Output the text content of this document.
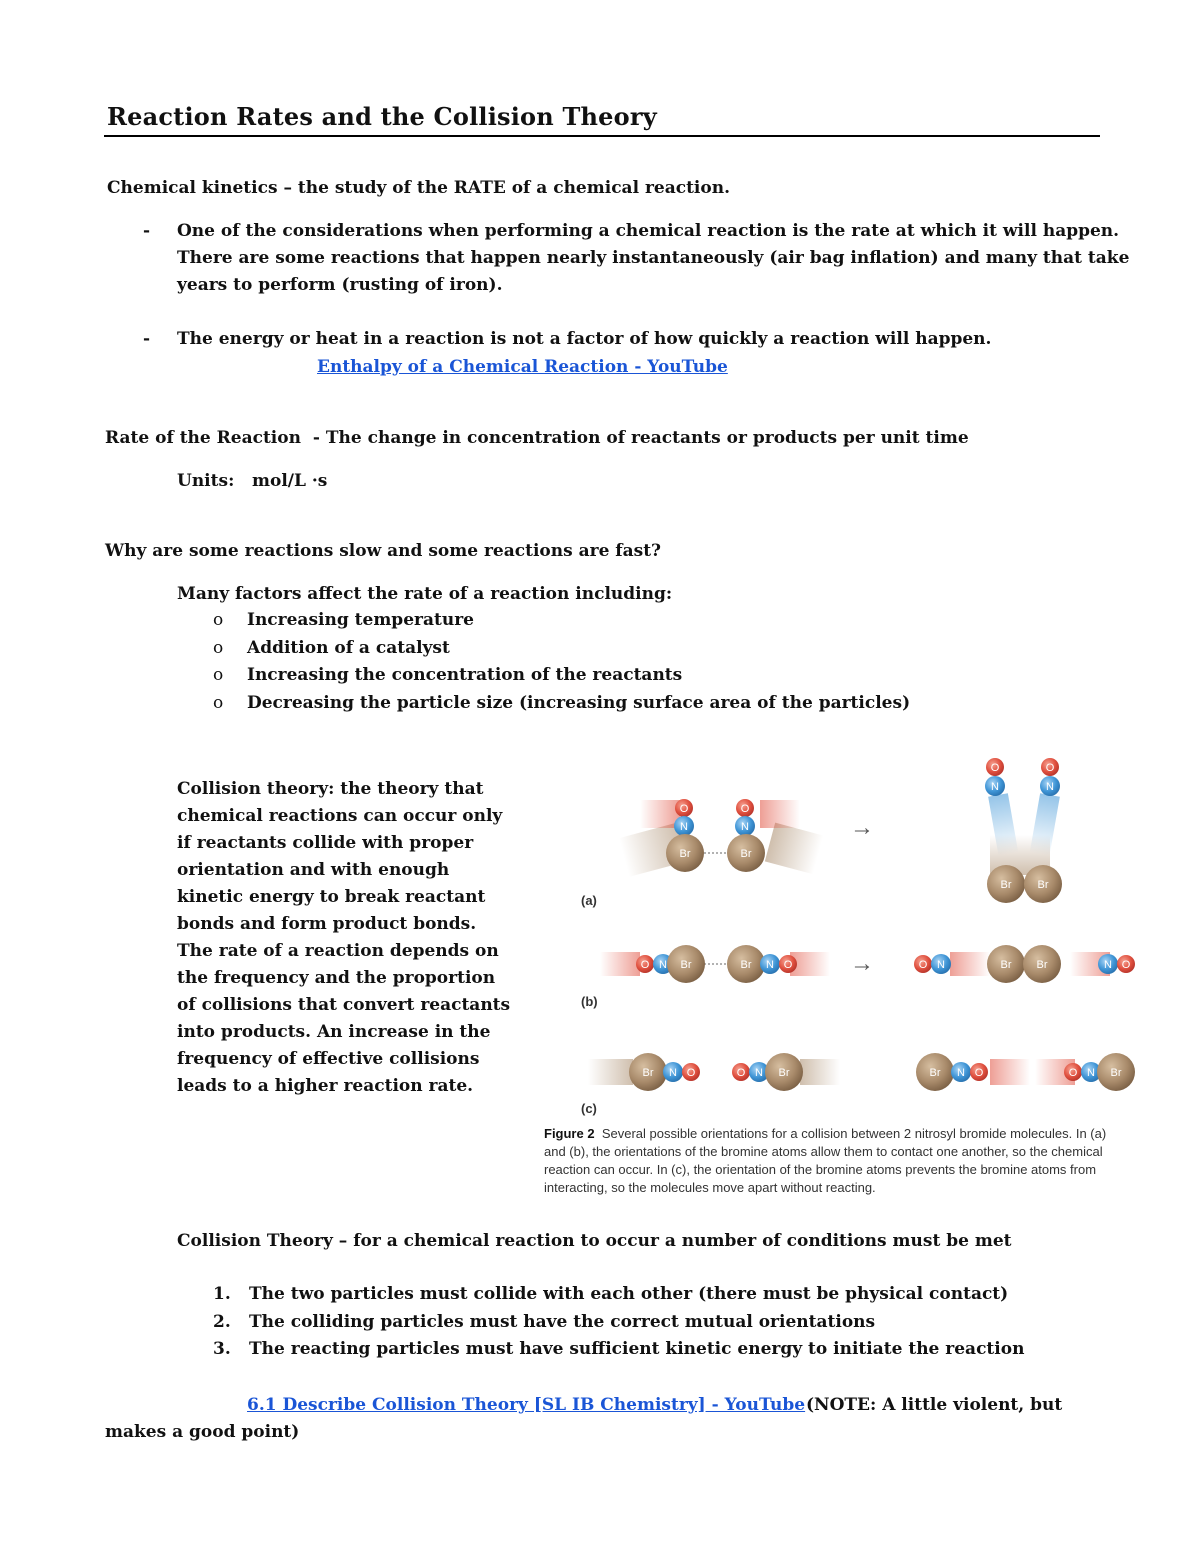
Reaction Rates and the Collision Theory
Chemical kinetics – the study of the RATE of a chemical reaction.
- One of the considerations when performing a chemical reaction is the rate at which it will happen.
There are some reactions that happen nearly instantaneously (air bag inflation) and many that take
years to perform (rusting of iron).
- The energy or heat in a reaction is not a factor of how quickly a reaction will happen.
Enthalpy of a Chemical Reaction - YouTube
Rate of the Reaction - The change in concentration of reactants or products per unit time
Units: mol/L ·s
Why are some reactions slow and some reactions are fast?
Many factors affect the rate of a reaction including:
o Increasing temperature
o Addition of a catalyst
o Increasing the concentration of the reactants
o Decreasing the particle size (increasing surface area of the particles)
Collision theory: the theory that
chemical reactions can occur only
if reactants collide with proper
orientation and with enough
kinetic energy to break reactant
bonds and form product bonds.
The rate of a reaction depends on
the frequency and the proportion
of collisions that convert reactants
into products. An increase in the
frequency of effective collisions
leads to a higher reaction rate.
O
N
Br
O
N
Br
→
O
N
O
N
Br Br
(a)
O N Br	Br N O →	O N	Br Br	N O
(b)
Br N O	O N Br	Br N O	O N Br
(c)
Figure 2 Several possible orientations for a collision between 2 nitrosyl bromide molecules. In (a)
and (b), the orientations of the bromine atoms allow them to contact one another, so the chemical
reaction can occur. In (c), the orientation of the bromine atoms prevents the bromine atoms from
interacting, so the molecules move apart without reacting.
Collision Theory – for a chemical reaction to occur a number of conditions must be met
1. The two particles must collide with each other (there must be physical contact)
2. The colliding particles must have the correct mutual orientations
3. The reacting particles must have sufficient kinetic energy to initiate the reaction
6.1 Describe Collision Theory [SL IB Chemistry] - YouTube (NOTE: A little violent, but
makes a good point)
